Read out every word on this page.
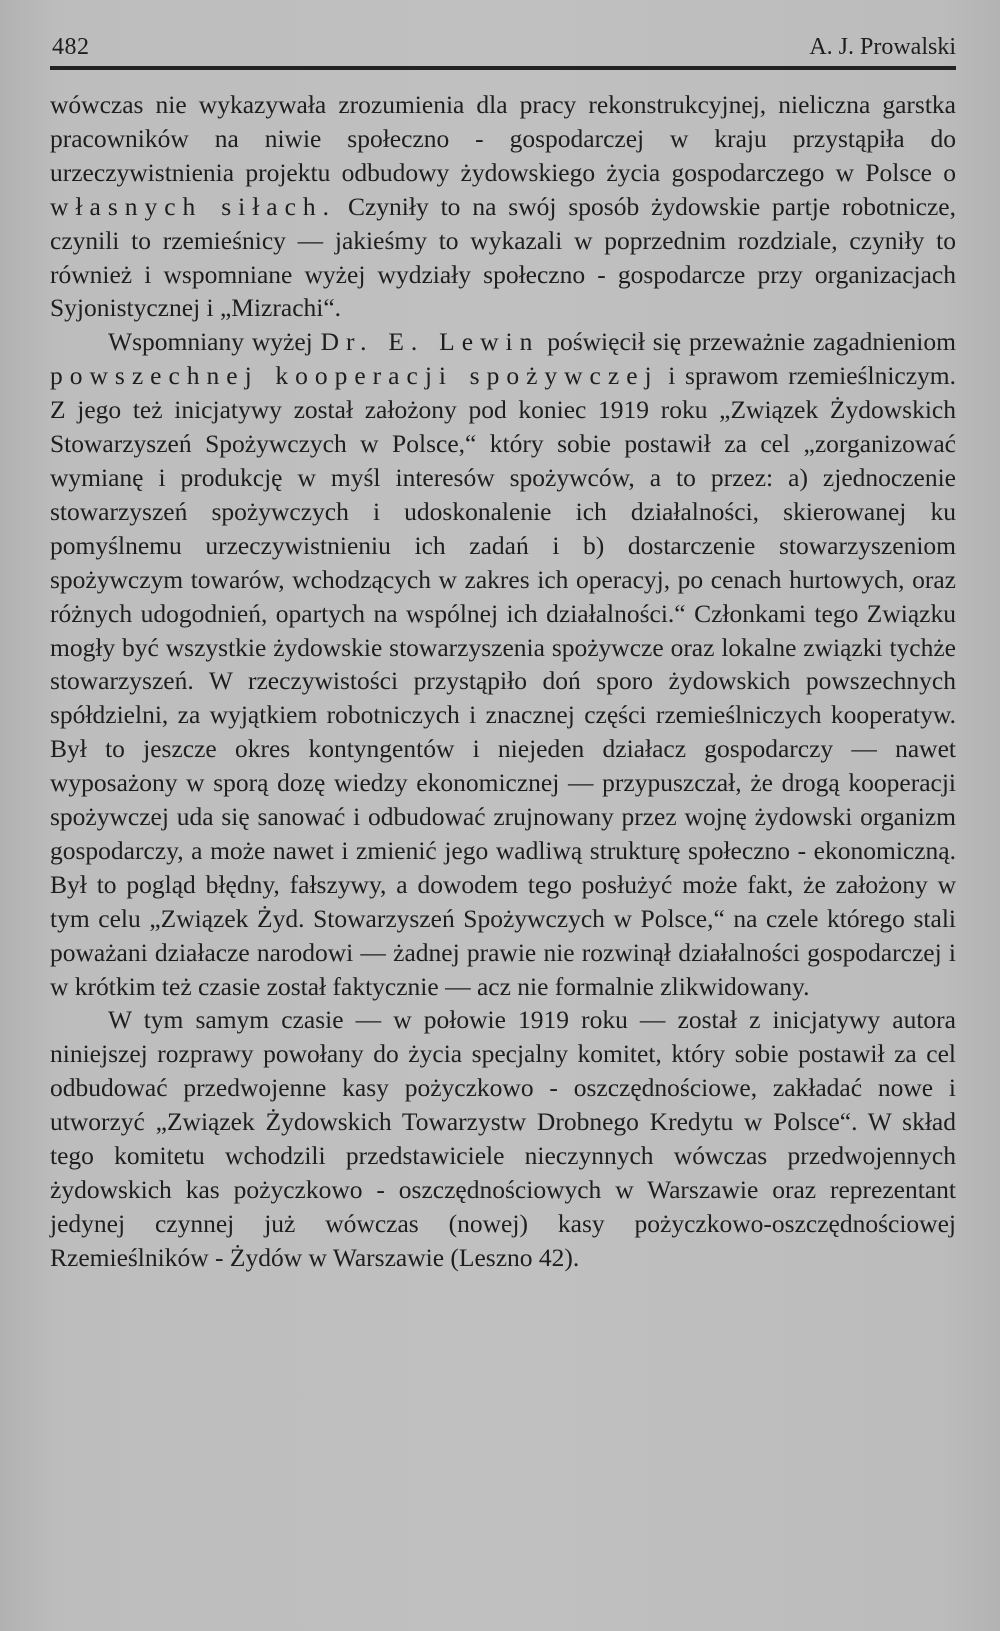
482	A. J. Prowalski

wówczas nie wykazywała zrozumienia dla pracy rekonstrukcyjnej, nieliczna garstka pracowników na niwie społeczno - gospodarczej w kraju przystąpiła do urzeczywistnienia projektu odbudowy żydowskiego życia gospodarczego w Polsce o własnych siłach. Czyniły to na swój sposób żydowskie partje robotnicze, czynili to rzemieśnicy — jakieśmy to wykazali w poprzednim rozdziale, czyniły to również i wspomniane wyżej wydziały społeczno - gospodarcze przy organizacjach Syjonistycznej i „Mizrachi“.

Wspomniany wyżej Dr. E. Lewin poświęcił się przeważnie zagadnieniom powszechnej kooperacji spożywczej i sprawom rzemieślniczym. Z jego też inicjatywy został założony pod koniec 1919 roku „Związek Żydowskich Stowarzyszeń Spożywczych w Polsce,“ który sobie postawił za cel „zorganizować wymianę i produkcję w myśl interesów spożywców, a to przez: a) zjednoczenie stowarzyszeń spożywczych i udoskonalenie ich działalności, skierowanej ku pomyślnemu urzeczywistnieniu ich zadań i b) dostarczenie stowarzyszeniom spożywczym towarów, wchodzących w zakres ich operacyj, po cenach hurtowych, oraz różnych udogodnień, opartych na wspólnej ich działalności.“ Członkami tego Związku mogły być wszystkie żydowskie stowarzyszenia spożywcze oraz lokalne związki tychże stowarzyszeń. W rzeczywistości przystąpiło doń sporo żydowskich powszechnych spółdzielni, za wyjątkiem robotniczych i znacznej części rzemieślniczych kooperatyw. Był to jeszcze okres kontyngentów i niejeden działacz gospodarczy — nawet wyposażony w sporą dozę wiedzy ekonomicznej — przypuszczał, że drogą kooperacji spożywczej uda się sanować i odbudować zrujnowany przez wojnę żydowski organizm gospodarczy, a może nawet i zmienić jego wadliwą strukturę społeczno - ekonomiczną. Był to pogląd błędny, fałszywy, a dowodem tego posłużyć może fakt, że założony w tym celu „Związek Żyd. Stowarzyszeń Spożywczych w Polsce,“ na czele którego stali poważani działacze narodowi — żadnej prawie nie rozwinął działalności gospodarczej i w krótkim też czasie został faktycznie — acz nie formalnie zlikwidowany.

W tym samym czasie — w połowie 1919 roku — został z inicjatywy autora niniejszej rozprawy powołany do życia specjalny komitet, który sobie postawił za cel odbudować przedwojenne kasy pożyczkowo - oszczędnościowe, zakładać nowe i utworzyć „Związek Żydowskich Towarzystw Drobnego Kredytu w Polsce“. W skład tego komitetu wchodzili przedstawiciele nieczynnych wówczas przedwojennych żydowskich kas pożyczkowo - oszczędnościowych w Warszawie oraz reprezentant jedynej czynnej już wówczas (nowej) kasy pożyczkowo-oszczędnościowej Rzemieślników - Żydów w Warszawie (Leszno 42).
